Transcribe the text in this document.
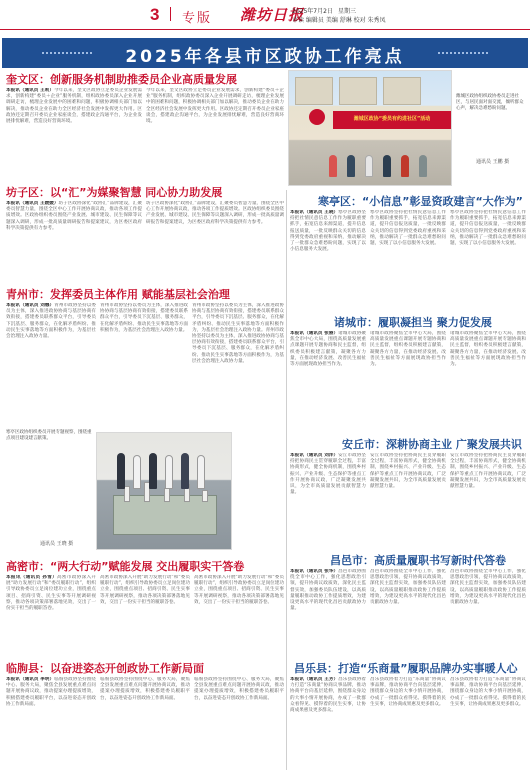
3 专版 潍坊日报
2025年7月2日 星期三
审读 编辑员 美编 舒琳 校对 朱秀凤
2025年各县市区政协工作亮点
奎文区：创新服务机制助推委员企业高质量发展
本报讯（通讯员 王莉）今年以来，奎文区政协立足委员企业发展需求，创新构建“委员＋企业”服务机制，组织政协委员深入企业开展调研走访，梳理企业发展中的困难和问题，积极协调相关部门加以解决，推动委员企业在助力全区经济社会发展中发挥更大作用。区政协还定期召开委员企业家座谈会，搭建政企沟通平台，为企业发展排忧解难，营造良好营商环境。
今年以来，奎文区政协立足委员企业发展需求，创新构建“委员＋企业”服务机制，组织政协委员深入企业开展调研走访，梳理企业发展中的困难和问题，积极协调相关部门加以解决，推动委员企业在助力全区经济社会发展中发挥更大作用。区政协还定期召开委员企业家座谈会，搭建政企沟通平台，为企业发展排忧解难，营造良好营商环境。
坊子区：以“汇”为媒聚智慧 同心协力助发展
本报讯（通讯员 王媛媛）坊子区政协深化“政协汇”品牌建设，汇聚委员智慧力量，围绕全区中心工作开展协商议政，推动各项工作提质增效。区政协组织委员围绕产业发展、城市建设、民生保障等议题深入调研，形成一批高质量调研报告和提案建议，为区委区政府科学决策提供有力参考。
坊子区政协深化“政协汇”品牌建设，汇聚委员智慧力量，围绕全区中心工作开展协商议政，推动各项工作提质增效。区政协组织委员围绕产业发展、城市建设、民生保障等议题深入调研，形成一批高质量调研报告和提案建议，为区委区政府科学决策提供有力参考。
青州市：发挥委员主体作用 赋能基层社会治理
本报讯（通讯员 刘娜）青州市政协坚持以委员为主体，深入推进政协协商与基层协商有效衔接，搭建委员联系群众平台，引导委员下沉基层、服务群众，在化解矛盾纠纷、推动民生实事落地等方面积极作为，为基层社会治理注入政协力量。
青州市政协坚持以委员为主体，深入推进政协协商与基层协商有效衔接，搭建委员联系群众平台，引导委员下沉基层、服务群众，在化解矛盾纠纷、推动民生实事落地等方面积极作为，为基层社会治理注入政协力量。
青州市政协坚持以委员为主体，深入推进政协协商与基层协商有效衔接，搭建委员联系群众平台，引导委员下沉基层、服务群众，在化解矛盾纠纷、推动民生实事落地等方面积极作为，为基层社会治理注入政协力量。青州市政协坚持以委员为主体，深入推进政协协商与基层协商有效衔接，搭建委员联系群众平台，引导委员下沉基层、服务群众，在化解矛盾纠纷、推动民生实事落地等方面积极作为，为基层社会治理注入政协力量。
寒亭区政协组织委员开展专题视察，围绕重点项目建设建言献策。
通讯员 王晓 摄
高密市：“两大行动”赋能发展 交出履职实干答卷
本报讯（通讯员 孙雪）高密市政协深入开展“助力发展行动”和“委员履职行动”，组织引导政协委员立足岗位建功立业，围绕重点项目、招商引资、民生实事等开展调研视察，推动各项决策部署落地见效，交出了一份实干担当的履职答卷。
高密市政协深入开展“助力发展行动”和“委员履职行动”，组织引导政协委员立足岗位建功立业，围绕重点项目、招商引资、民生实事等开展调研视察，推动各项决策部署落地见效，交出了一份实干担当的履职答卷。
高密市政协深入开展“助力发展行动”和“委员履职行动”，组织引导政协委员立足岗位建功立业，围绕重点项目、招商引资、民生实事等开展调研视察，推动各项决策部署落地见效，交出了一份实干担当的履职答卷。
临朐县：以奋进姿态开创政协工作新局面
本报讯（通讯员 李明）临朐县政协坚持围绕中心、服务大局，聚焦全县发展重点难点问题开展协商议政，推动提案办理提质增效，积极搭建委员履职平台，以奋进姿态开创政协工作新局面。
临朐县政协坚持围绕中心、服务大局，聚焦全县发展重点难点问题开展协商议政，推动提案办理提质增效，积极搭建委员履职平台，以奋进姿态开创政协工作新局面。
临朐县政协坚持围绕中心、服务大局，聚焦全县发展重点难点问题开展协商议政，推动提案办理提质增效，积极搭建委员履职平台，以奋进姿态开创政协工作新局面。
潍城区政协“委员有约进社区”活动
潍城区政协组织政协委员走进社区，与居民面对面交流，倾听群众心声，解决急难愁盼问题。
通讯员 王鹏 摄
寒亭区：“小信息”彰显资政建言“大作为”
本报讯（通讯员 王晓）寒亭区政协坚持把社情民意信息工作作为履职重要抓手，拓宽信息来源渠道，提升信息报送质量，一批反映群众关切的信息得到党委政府重视和采纳，推动解决了一批群众急难愁盼问题，实现了以小信息服务大发展。
寒亭区政协坚持把社情民意信息工作作为履职重要抓手，拓宽信息来源渠道，提升信息报送质量，一批反映群众关切的信息得到党委政府重视和采纳，推动解决了一批群众急难愁盼问题，实现了以小信息服务大发展。
寒亭区政协坚持把社情民意信息工作作为履职重要抓手，拓宽信息来源渠道，提升信息报送质量，一批反映群众关切的信息得到党委政府重视和采纳，推动解决了一批群众急难愁盼问题，实现了以小信息服务大发展。
诸城市：履职凝担当 聚力促发展
本报讯（通讯员 张丽）诸城市政协聚焦全市中心大局，围绕高质量发展重点课题开展专题协商和民主监督，组织委员积极建言献策，凝聚各方力量，在推动经济发展、改善民生福祉等方面展现政协担当作为。
诸城市政协聚焦全市中心大局，围绕高质量发展重点课题开展专题协商和民主监督，组织委员积极建言献策，凝聚各方力量，在推动经济发展、改善民生福祉等方面展现政协担当作为。
诸城市政协聚焦全市中心大局，围绕高质量发展重点课题开展专题协商和民主监督，组织委员积极建言献策，凝聚各方力量，在推动经济发展、改善民生福祉等方面展现政协担当作为。
安丘市：深耕协商主业 广聚发展共识
本报讯（通讯员 刘洋）安丘市政协坚持把协商民主贯穿履职全过程，丰富协商形式，健全协商机制，围绕乡村振兴、产业升级、生态保护等重点工作开展协商议政，广泛凝聚发展共识，为全市高质量发展贡献智慧力量。
安丘市政协坚持把协商民主贯穿履职全过程，丰富协商形式，健全协商机制，围绕乡村振兴、产业升级、生态保护等重点工作开展协商议政，广泛凝聚发展共识，为全市高质量发展贡献智慧力量。
安丘市政协坚持把协商民主贯穿履职全过程，丰富协商形式，健全协商机制，围绕乡村振兴、产业升级、生态保护等重点工作开展协商议政，广泛凝聚发展共识，为全市高质量发展贡献智慧力量。
昌邑市：高质量履职书写新时代答卷
本报讯（通讯员 张华）昌邑市政协围绕全市中心工作，强化思想政治引领，提升协商议政质效，深化民主监督实效，加强委员队伍建设，以高质量履职推动政协工作提质增效，为建设更高水平的现代化昌邑贡献政协力量。
昌邑市政协围绕全市中心工作，强化思想政治引领，提升协商议政质效，深化民主监督实效，加强委员队伍建设，以高质量履职推动政协工作提质增效，为建设更高水平的现代化昌邑贡献政协力量。
昌邑市政协围绕全市中心工作，强化思想政治引领，提升协商议政质效，深化民主监督实效，加强委员队伍建设，以高质量履职推动政协工作提质增效，为建设更高水平的现代化昌邑贡献政协力量。
昌乐县：打造“乐商量”履职品牌办实事暖人心
本报讯（通讯员 王芳）昌乐县政协着力打造“乐商量”协商议事品牌，推动协商平台向基层延伸，围绕群众身边的大事小情开展协商，办成了一批群众看得见、摸得着的民生实事，让协商成果惠及更多群众。
昌乐县政协着力打造“乐商量”协商议事品牌，推动协商平台向基层延伸，围绕群众身边的大事小情开展协商，办成了一批群众看得见、摸得着的民生实事，让协商成果惠及更多群众。
昌乐县政协着力打造“乐商量”协商议事品牌，推动协商平台向基层延伸，围绕群众身边的大事小情开展协商，办成了一批群众看得见、摸得着的民生实事，让协商成果惠及更多群众。
